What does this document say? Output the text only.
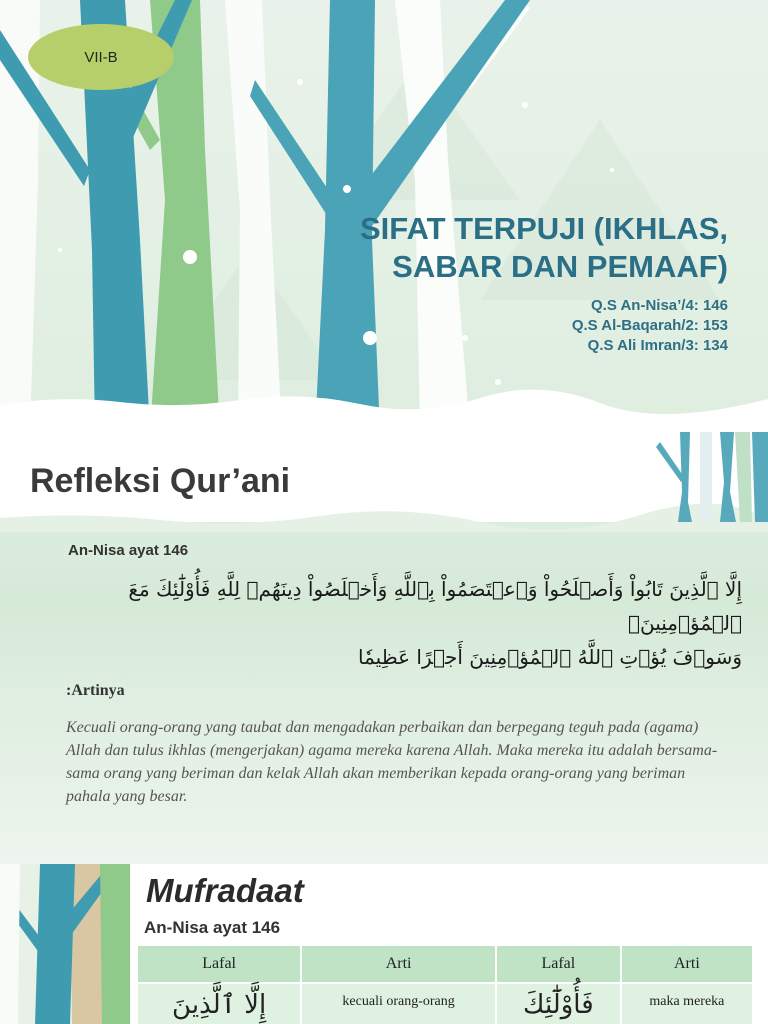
VII-B
SIFAT TERPUJI (IKHLAS,
SABAR DAN PEMAAF)
Q.S An-Nisa’/4: 146
Q.S Al-Baqarah/2: 153
Q.S Ali Imran/3: 134
Refleksi Qur’ani
An-Nisa ayat 146
إِلَّا ٱلَّذِينَ تَابُواْ وَأَصۡلَحُواْ وَٱعۡتَصَمُواْ بِٱللَّهِ وَأَخۡلَصُواْ دِينَهُمۡ لِلَّهِ فَأُوْلَٰٓئِكَ مَعَ ٱلۡمُؤۡمِنِينَۖ
وَسَوۡفَ يُؤۡتِ ٱللَّهُ ٱلۡمُؤۡمِنِينَ أَجۡرًا عَظِيمٗا
:Artinya
Kecuali orang-orang yang taubat dan mengadakan perbaikan dan berpegang teguh pada (agama) Allah dan tulus ikhlas (mengerjakan) agama mereka karena Allah. Maka mereka itu adalah bersama-sama orang yang beriman dan kelak Allah akan memberikan kepada orang-orang yang beriman pahala yang besar.
Mufradaat
An-Nisa ayat 146
Lafal	Arti	Lafal	Arti
إِلَّا ٱلَّذِينَ	kecuali orang-orang	فَأُوْلَٰٓئِكَ	maka mereka
